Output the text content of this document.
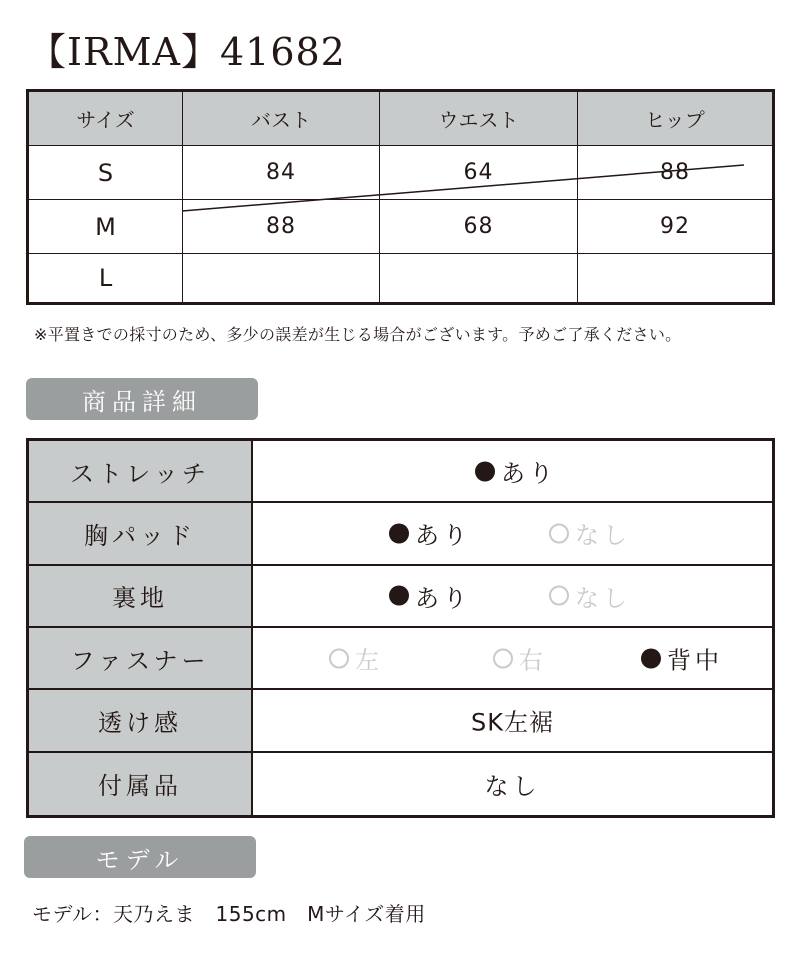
【IRMA】41682
サイズ	バスト	ウエスト	ヒップ
S	84	64	88
M	88	68	92
L
※平置きでの採寸のため、多少の誤差が生じる場合がございます。予めご了承ください。
商品詳細
ストレッチ	あり
胸パッド	あり	なし
裏地	あり	なし
ファスナー	左	右	背中
透け感	SK左裾
付属品	なし
モデル
モデル：天乃えま　155cm　Mサイズ着用
